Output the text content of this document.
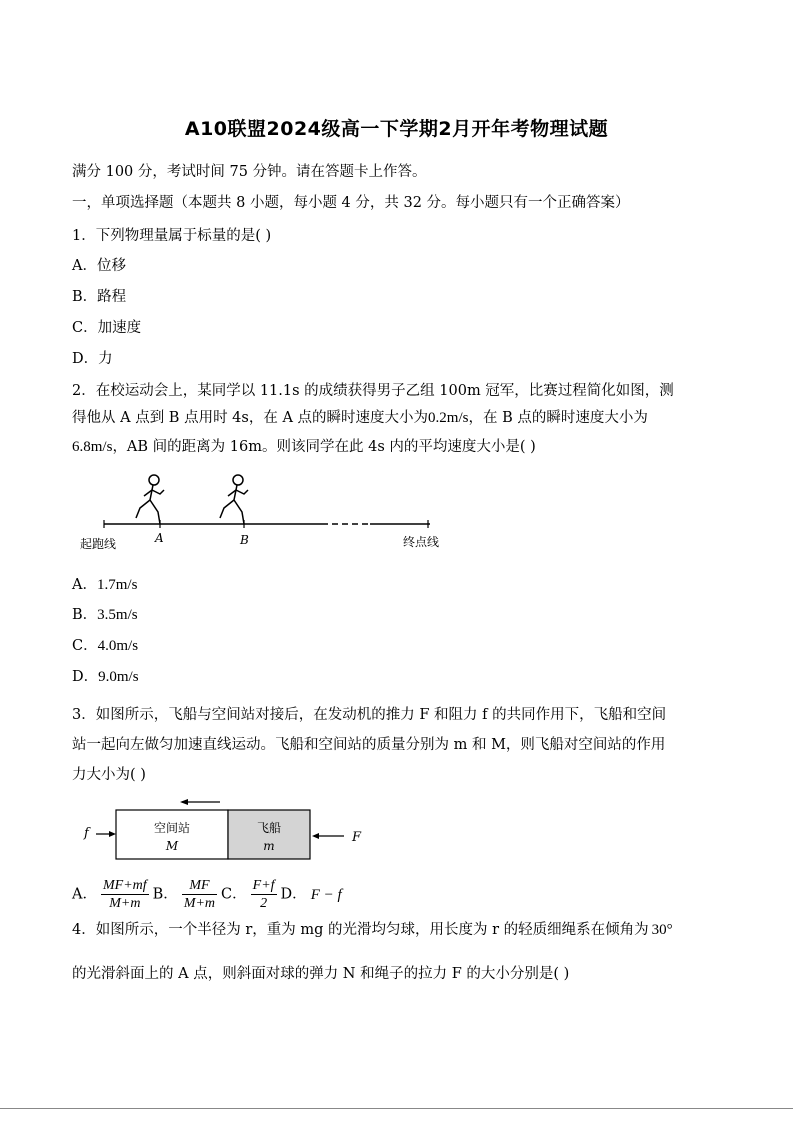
A10联盟2024级高一下学期2月开年考物理试题
满分 100 分，考试时间 75 分钟。请在答题卡上作答。
一，单项选择题（本题共 8 小题，每小题 4 分，共 32 分。每小题只有一个正确答案）
1．下列物理量属于标量的是( )
A．位移
B．路程
C．加速度
D．力
2．在校运动会上，某同学以 11.1s 的成绩获得男子乙组 100m 冠军，比赛过程简化如图，测
得他从 A 点到 B 点用时 4s，在 A 点的瞬时速度大小为0.2m/s，在 B 点的瞬时速度大小为
6.8m/s，AB 间的距离为 16m。则该同学在此 4s 内的平均速度大小是( )
起跑线	A	B	终点线
A．1.7m/s
B．3.5m/s
C．4.0m/s
D．9.0m/s
3．如图所示，飞船与空间站对接后，在发动机的推力 F 和阻力 f 的共同作用下，飞船和空间
站一起向左做匀加速直线运动。飞船和空间站的质量分别为 m 和 M，则飞船对空间站的作用
力大小为( )
f	空间站
M
飞船
m
F
A． $\frac{MF+mf}{M+m}$ B． $\frac{MF}{M+m}$ C． $\frac{F+f}{2}$ D． F − f
4．如图所示，一个半径为 r，重为 mg 的光滑均匀球，用长度为 r 的轻质细绳系在倾角为 30°
的光滑斜面上的 A 点，则斜面对球的弹力 N 和绳子的拉力 F 的大小分别是( )
